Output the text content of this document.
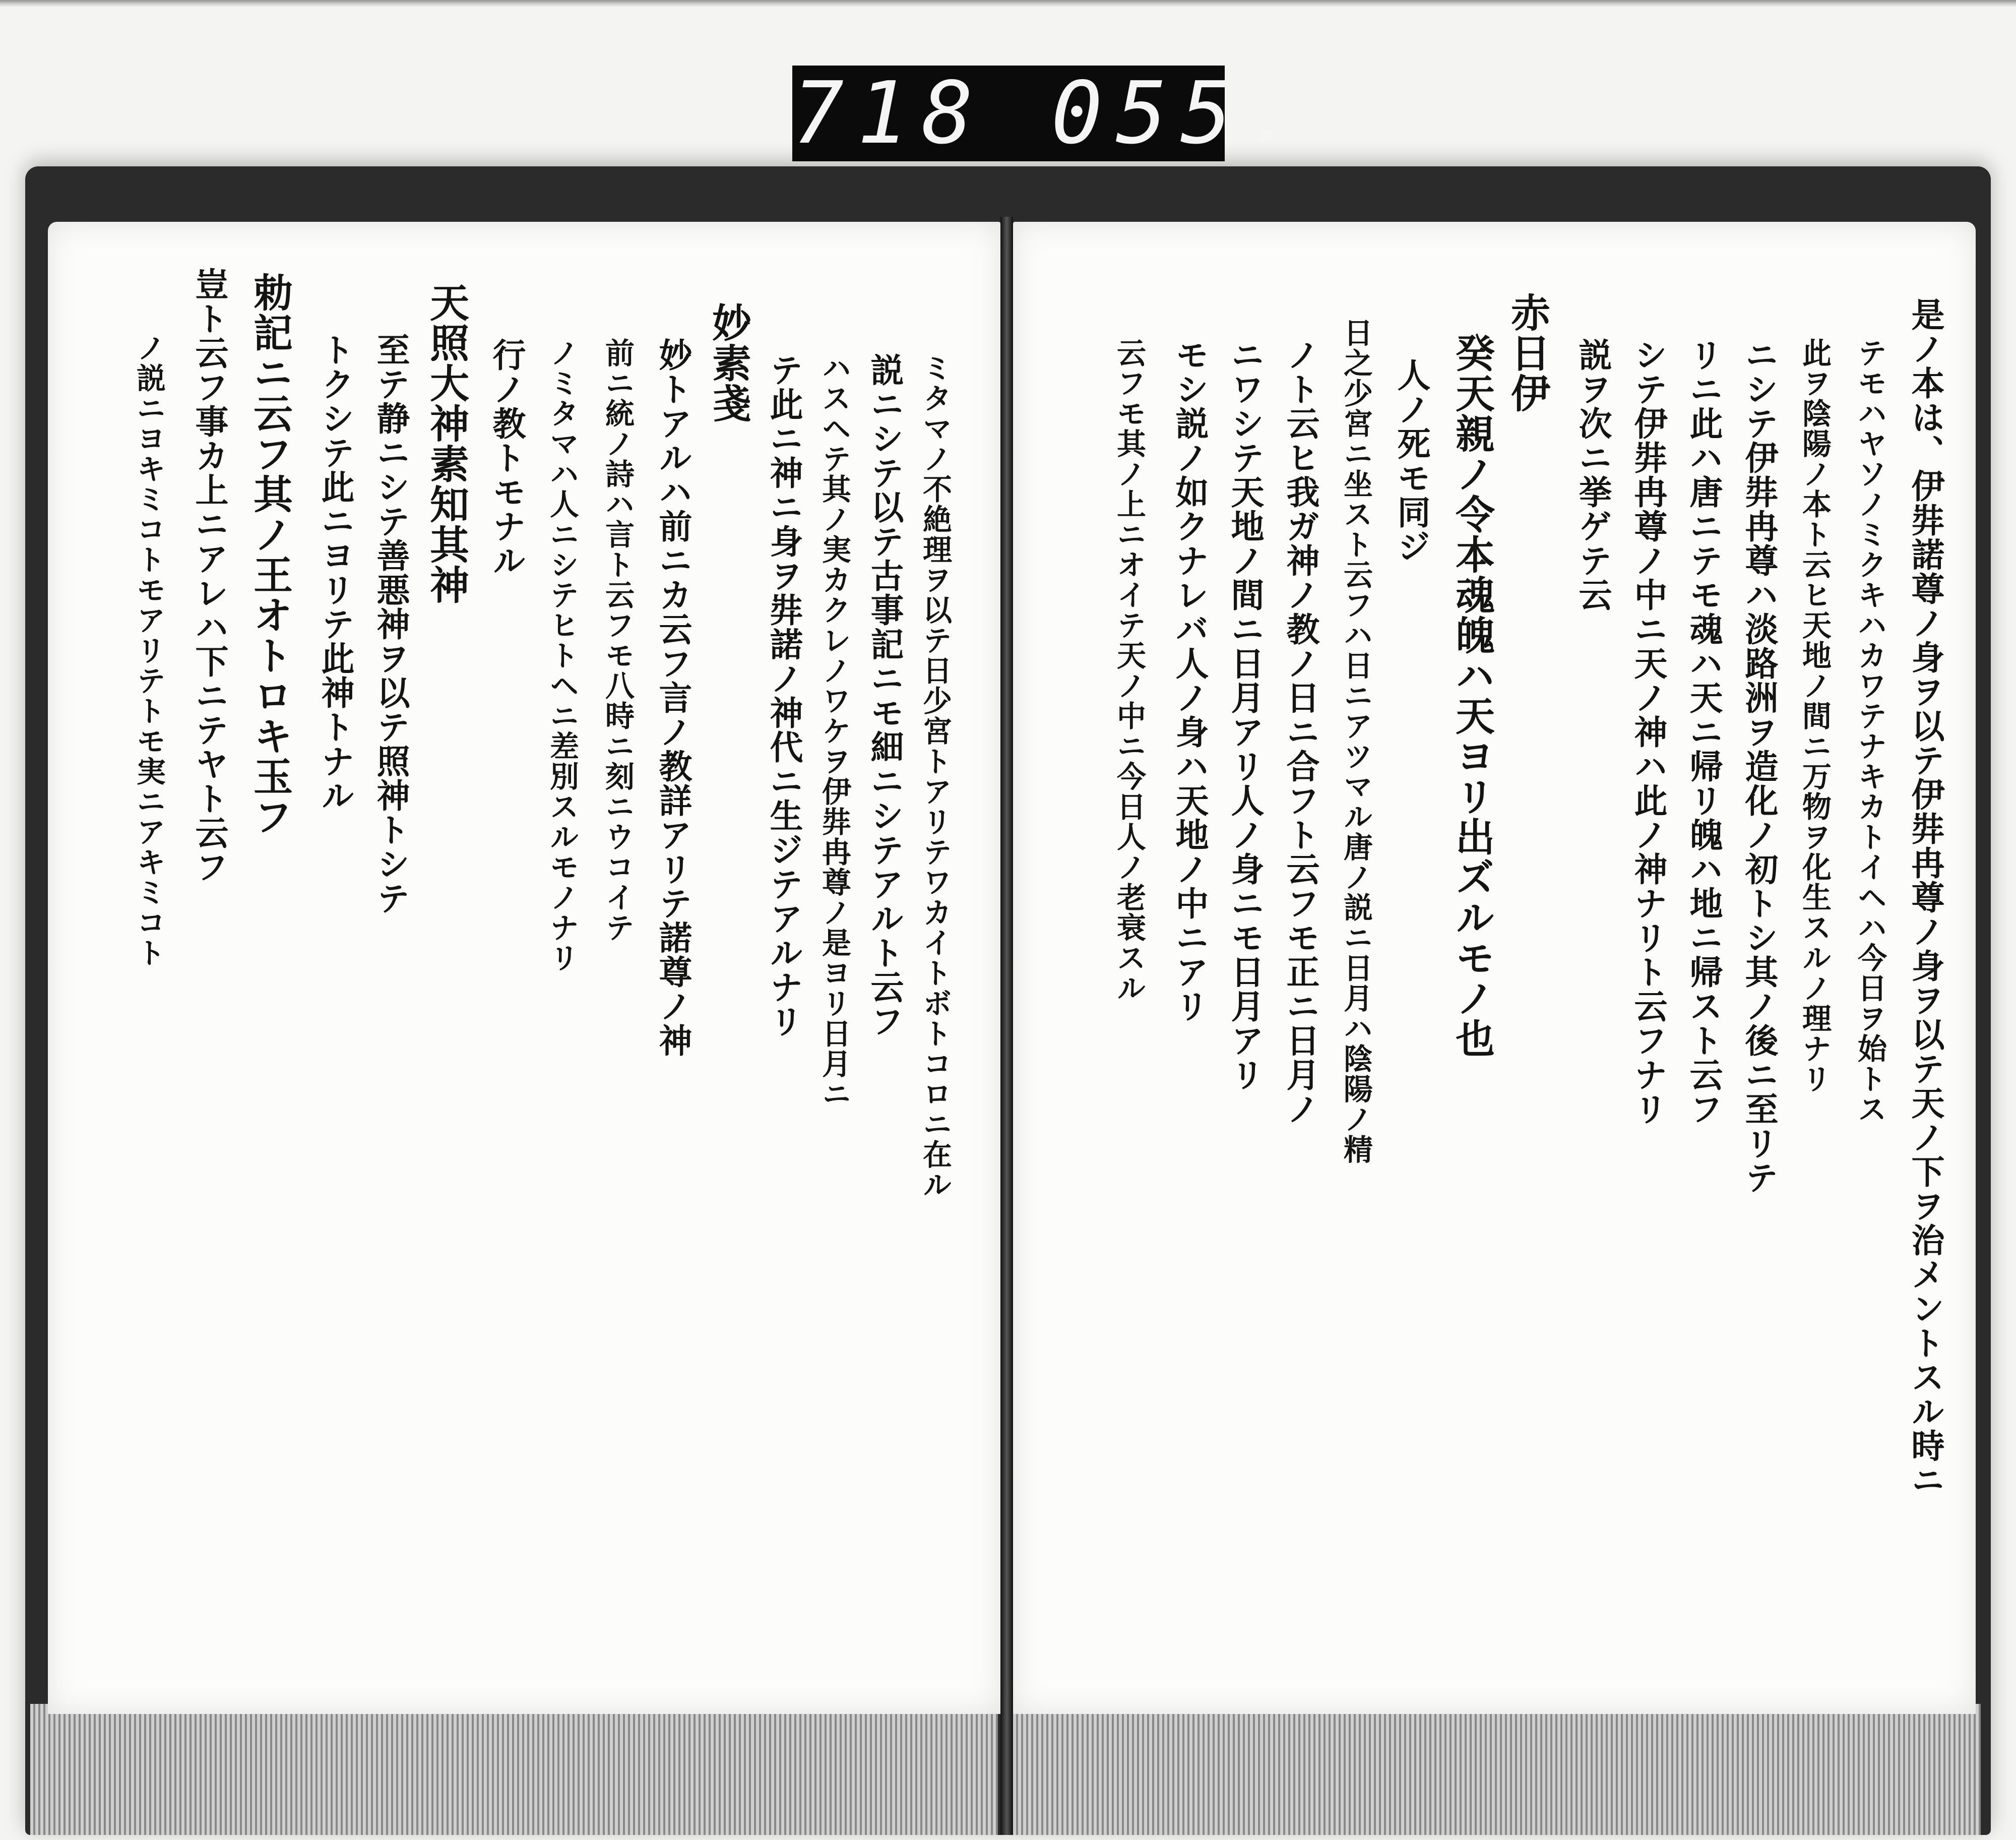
718 055.
ミタマノ不絶理ヲ以テ日少宮トアリテワカイトボトコロニ在ル
説ニシテ以テ古事記ニモ細ニシテアルト云フ
ハスヘテ其ノ実カクレノワケヲ伊弉冉尊ノ是ヨリ日月ニ
テ此ニ神ニ身ヲ弉諾ノ神代ニ生ジテアルナリ
妙素戔
妙トアルハ前ニカ云フ言ノ教詳アリテ諾尊ノ神
前ニ統ノ詩ハ言ト云フモ八時ニ刻ニウコイテ
ノミタマハ人ニシテヒトヘニ差別スルモノナリ
行ノ教トモナル
天照大神素知其神
至テ静ニシテ善悪神ヲ以テ照神トシテ
トクシテ此ニヨリテ此神トナル
勅記ニ云フ其ノ王オトロキ玉フ
豈ト云フ事カ上ニアレハ下ニテヤト云フ
ノ説ニヨキミコトモアリテトモ実ニアキミコト	是ノ本は、伊弉諾尊ノ身ヲ以テ伊弉冉尊ノ身ヲ以テ天ノ下ヲ治メントスル時ニ
テモハヤソノミクキハカワテナキカトイヘハ今日ヲ始トス
此ヲ陰陽ノ本ト云ヒ天地ノ間ニ万物ヲ化生スルノ理ナリ
ニシテ伊弉冉尊ハ淡路洲ヲ造化ノ初トシ其ノ後ニ至リテ
リニ此ハ唐ニテモ魂ハ天ニ帰リ魄ハ地ニ帰スト云フ
シテ伊弉冉尊ノ中ニ天ノ神ハ此ノ神ナリト云フナリ
説ヲ次ニ挙ゲテ云
赤日伊
癸天親ノ令本魂魄ハ天ヨリ出ズルモノ也
人ノ死モ同ジ
日之少宮ニ坐スト云フハ日ニアツマル唐ノ説ニ日月ハ陰陽ノ精
ノト云ヒ我ガ神ノ教ノ日ニ合フト云フモ正ニ日月ノ
ニワシテ天地ノ間ニ日月アリ人ノ身ニモ日月アリ
モシ説ノ如クナレバ人ノ身ハ天地ノ中ニアリ
云フモ其ノ上ニオイテ天ノ中ニ今日人ノ老衰スル
